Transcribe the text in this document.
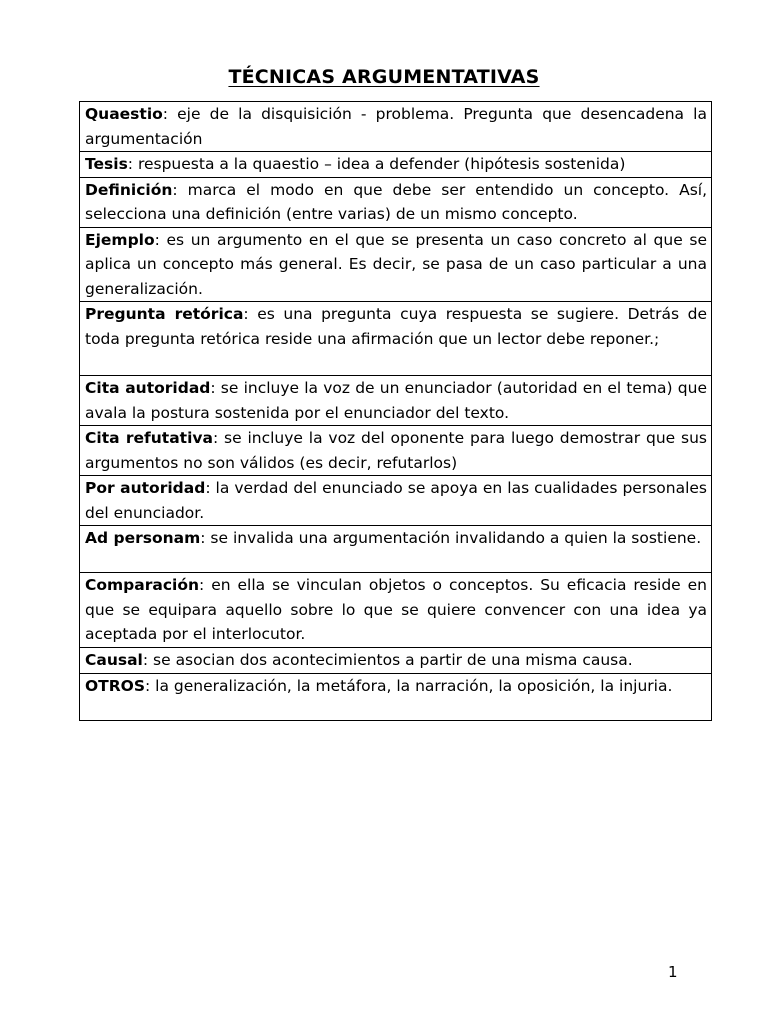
TÉCNICAS ARGUMENTATIVAS
Quaestio: eje de la disquisición - problema. Pregunta que desencadena la argumentación
Tesis: respuesta a la quaestio – idea a defender (hipótesis sostenida)
Definición: marca el modo en que debe ser entendido un concepto. Así, selecciona una definición (entre varias) de un mismo concepto.
Ejemplo: es un argumento en el que se presenta un caso concreto al que se aplica un concepto más general. Es decir, se pasa de un caso particular a una generalización.
Pregunta retórica: es una pregunta cuya respuesta se sugiere. Detrás de toda pregunta retórica reside una afirmación que un lector debe reponer.;
Cita autoridad: se incluye la voz de un enunciador (autoridad en el tema) que avala la postura sostenida por el enunciador del texto.
Cita refutativa: se incluye la voz del oponente para luego demostrar que sus argumentos no son válidos (es decir, refutarlos)
Por autoridad: la verdad del enunciado se apoya en las cualidades personales del enunciador.
Ad personam: se invalida una argumentación invalidando a quien la sostiene.
Comparación: en ella se vinculan objetos o conceptos. Su eficacia reside en que se equipara aquello sobre lo que se quiere convencer con una idea ya aceptada por el interlocutor.
Causal: se asocian dos acontecimientos a partir de una misma causa.
OTROS: la generalización, la metáfora, la narración, la oposición, la injuria.
1
